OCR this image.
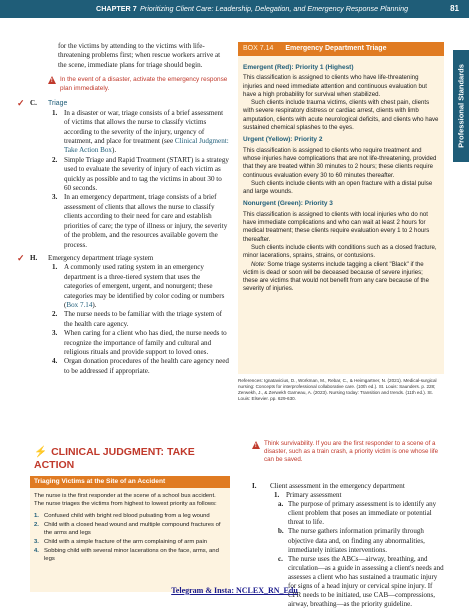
CHAPTER 7 Prioritizing Client Care: Leadership, Delegation, and Emergency Response Planning	81
Professional Standards

for the victims by attending to the victims with life-threatening problems first; when rescue workers arrive at the scene, immediate plans for triage should begin.

!
In the event of a disaster, activate the emergency response plan immediately.
✓ C. Triage
1. In a disaster or war, triage consists of a brief assessment of victims that allows the nurse to classify victims according to the severity of the injury, urgency of treatment, and place for treatment (see Clinical Judgment: Take Action Box).
2. Simple Triage and Rapid Treatment (START) is a strategy used to evaluate the severity of injury of each victim as quickly as possible and to tag the victims in about 30 to 60 seconds.
3. In an emergency department, triage consists of a brief assessment of clients that allows the nurse to classify clients according to their need for care and establish priorities of care; the type of illness or injury, the severity of the problem, and the resources available govern the process.
✓ H. Emergency department triage system
1. A commonly used rating system in an emergency department is a three-tiered system that uses the categories of emergent, urgent, and nonurgent; these categories may be identified by color coding or numbers (Box 7.14).
2. The nurse needs to be familiar with the triage system of the health care agency.
3. When caring for a client who has died, the nurse needs to recognize the importance of family and cultural and religious rituals and provide support to loved ones.
4. Organ donation procedures of the health care agency need to be addressed if appropriate.
BOX 7.14 Emergency Department Triage
Emergent (Red): Priority 1 (Highest)

This classification is assigned to clients who have life-threatening injuries and need immediate attention and continuous evaluation but have a high probability for survival when stabilized.

Such clients include trauma victims, clients with chest pain, clients with severe respiratory distress or cardiac arrest, clients with limb amputation, clients with acute neurological deficits, and clients who have sustained chemical splashes to the eyes.

Urgent (Yellow): Priority 2

This classification is assigned to clients who require treatment and whose injuries have complications that are not life-threatening, provided that they are treated within 30 minutes to 2 hours; these clients require continuous evaluation every 30 to 60 minutes thereafter.

Such clients include clients with an open fracture with a distal pulse and large wounds.

Nonurgent (Green): Priority 3

This classification is assigned to clients with local injuries who do not have immediate complications and who can wait at least 2 hours for medical treatment; these clients require evaluation every 1 to 2 hours thereafter.

Such clients include clients with conditions such as a closed fracture, minor lacerations, sprains, strains, or contusions.

Note: Some triage systems include tagging a client "Black" if the victim is dead or soon will be deceased because of severe injuries; these are victims that would not benefit from any care because of the severity of injuries.

References: Ignatavicius, D., Workman, M., Rebar, C., & Heimgartner, N. (2021). Medical-surgical nursing: Concepts for interprofessional collaborative care. (10th ed.). St. Louis: Saunders. p. 228; Zerwekh, J., & Zerwekh Garneau, A. (2023). Nursing today: Transition and trends. (11th ed.). St. Louis: Elsevier. pp. 629-630.
!
Think survivability. If you are the first responder to a scene of a disaster, such as a train crash, a priority victim is one whose life can be saved.
⚡ CLINICAL JUDGMENT: TAKE
ACTION
Triaging Victims at the Site of an Accident

The nurse is the first responder at the scene of a school bus accident. The nurse triages the victims from highest to lowest priority as follows:

1. Confused child with bright red blood pulsating from a leg wound
2. Child with a closed head wound and multiple compound fractures of the arms and legs
3. Child with a simple fracture of the arm complaining of arm pain
4. Sobbing child with several minor lacerations on the face, arms, and legs
I. Client assessment in the emergency department
1. Primary assessment
a. The purpose of primary assessment is to identify any client problem that poses an immediate or potential threat to life.
b. The nurse gathers information primarily through objective data and, on finding any abnormalities, immediately initiates interventions.
c. The nurse uses the ABCs—airway, breathing, and circulation—as a guide in assessing a client's needs and assesses a client who has sustained a traumatic injury for signs of a head injury or cervical spine injury. If CPR needs to be initiated, use CAB—compressions, airway, breathing—as the priority guideline.
Telegram & Insta: NCLEX_RN_Edu
